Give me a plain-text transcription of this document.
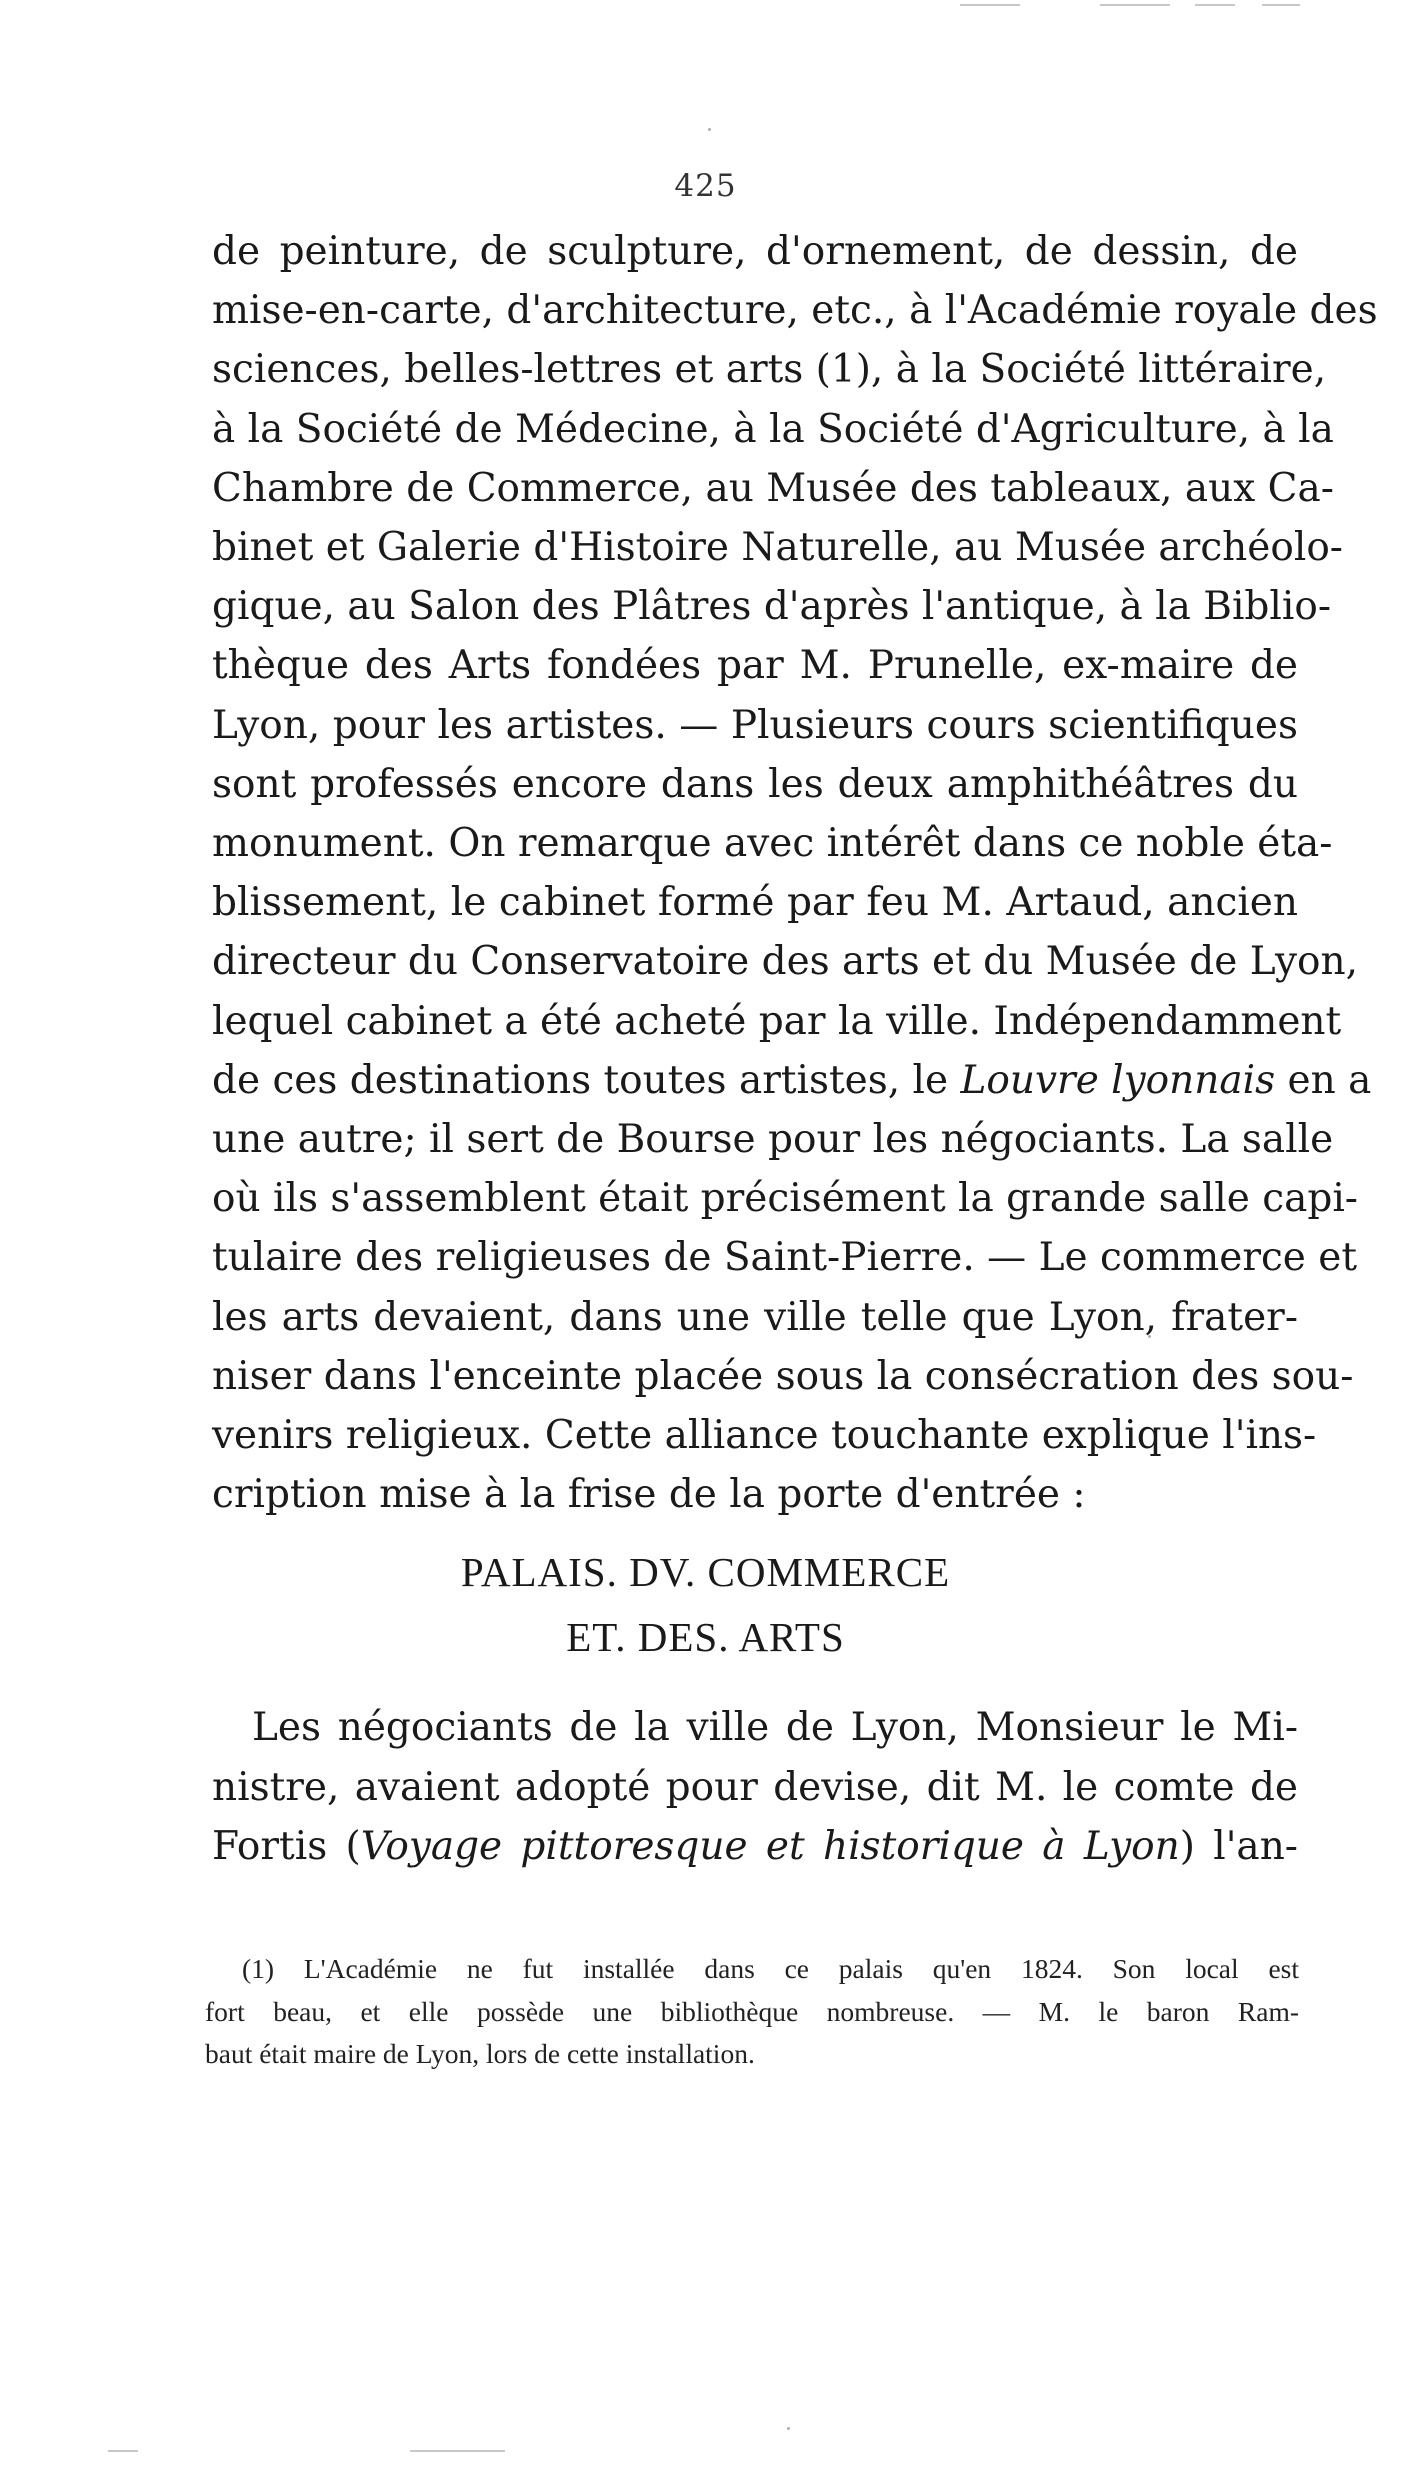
425
de peinture, de sculpture, d'ornement, de dessin, de
mise-en-carte, d'architecture, etc., à l'Académie royale des
sciences, belles-lettres et arts (1), à la Société littéraire,
à la Société de Médecine, à la Société d'Agriculture, à la
Chambre de Commerce, au Musée des tableaux, aux Ca-
binet et Galerie d'Histoire Naturelle, au Musée archéolo-
gique, au Salon des Plâtres d'après l'antique, à la Biblio-
thèque des Arts fondées par M. Prunelle, ex-maire de
Lyon, pour les artistes. — Plusieurs cours scientifiques
sont professés encore dans les deux amphithéâtres du
monument. On remarque avec intérêt dans ce noble éta-
blissement, le cabinet formé par feu M. Artaud, ancien
directeur du Conservatoire des arts et du Musée de Lyon,
lequel cabinet a été acheté par la ville. Indépendamment
de ces destinations toutes artistes, le Louvre lyonnais en a
une autre; il sert de Bourse pour les négociants. La salle
où ils s'assemblent était précisément la grande salle capi-
tulaire des religieuses de Saint-Pierre. — Le commerce et
les arts devaient, dans une ville telle que Lyon, frater-
niser dans l'enceinte placée sous la consécration des sou-
venirs religieux. Cette alliance touchante explique l'ins-
cription mise à la frise de la porte d'entrée :
PALAIS. DV. COMMERCE
ET. DES. ARTS
Les négociants de la ville de Lyon, Monsieur le Mi-
nistre, avaient adopté pour devise, dit M. le comte de
Fortis (Voyage pittoresque et historique à Lyon) l'an-
(1) L'Académie ne fut installée dans ce palais qu'en 1824. Son local est
fort beau, et elle possède une bibliothèque nombreuse. — M. le baron Ram-
baut était maire de Lyon, lors de cette installation.
